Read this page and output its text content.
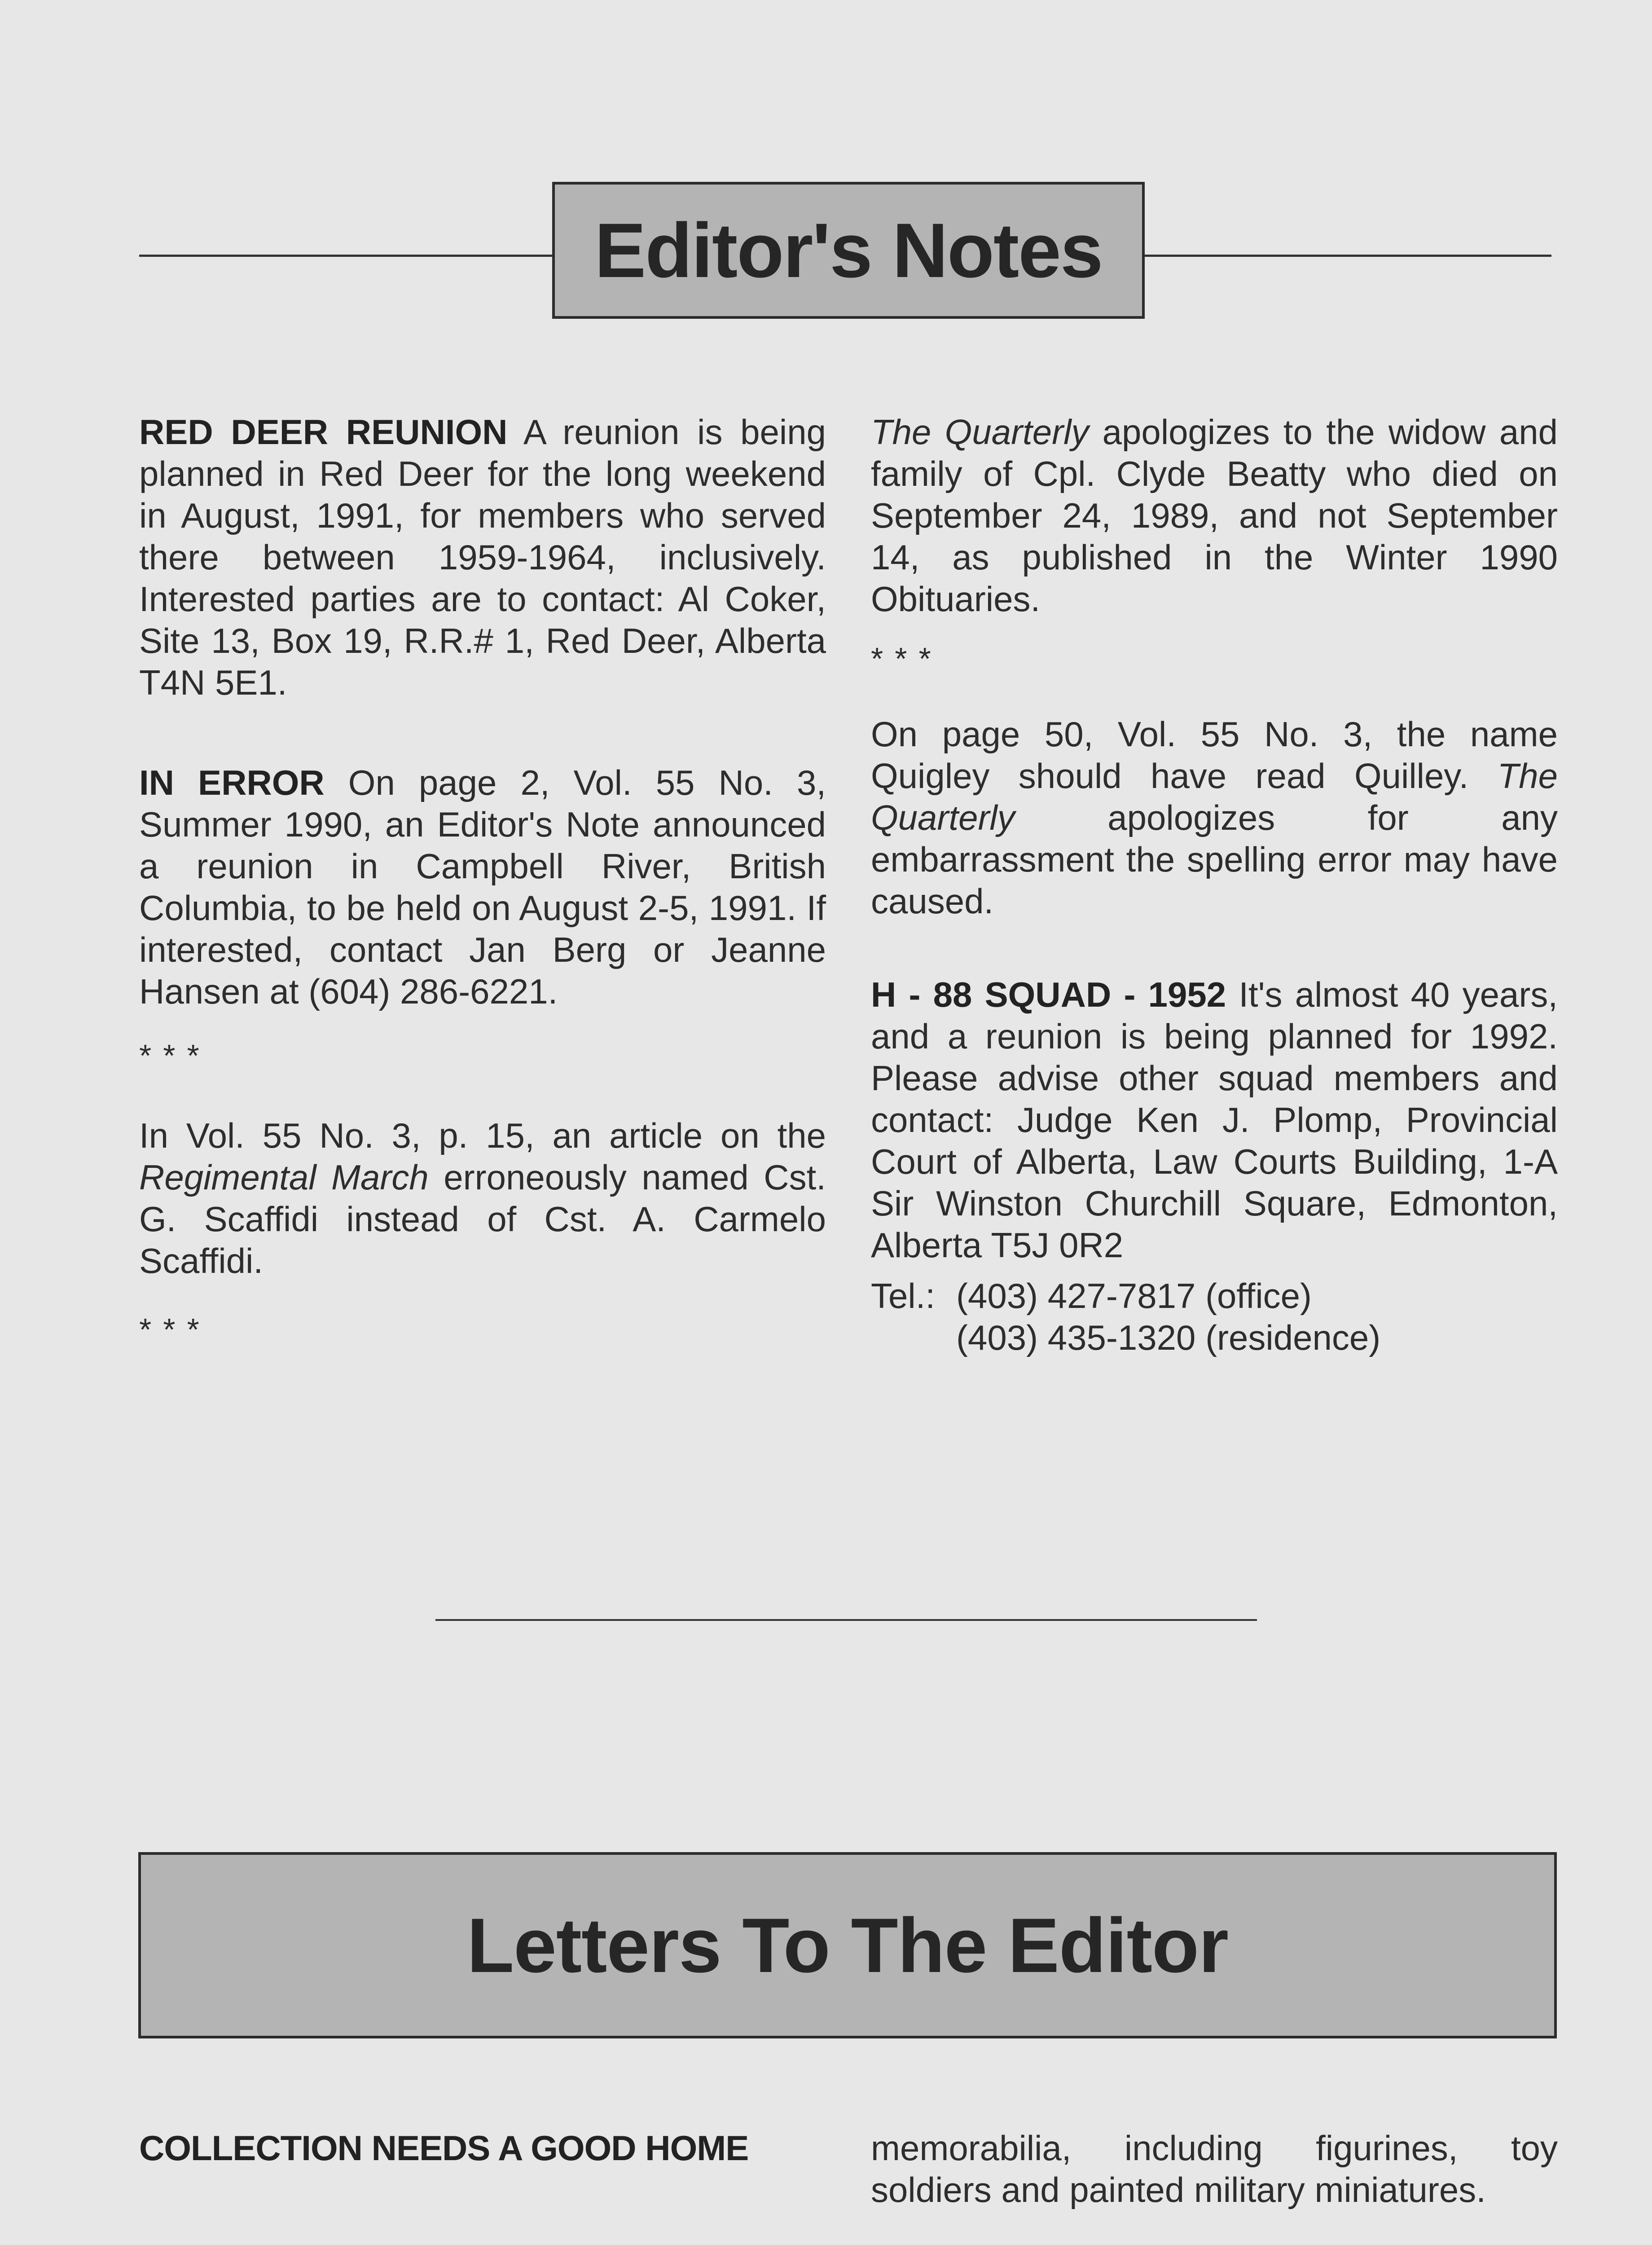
Editor's Notes

RED DEER REUNION A reunion is being planned in Red Deer for the long weekend in August, 1991, for members who served there between 1959-1964, inclusively. Interested parties are to contact: Al Coker, Site 13, Box 19, R.R.# 1, Red Deer, Alberta T4N 5E1.

IN ERROR On page 2, Vol. 55 No. 3, Summer 1990, an Editor's Note announced a reunion in Campbell River, British Columbia, to be held on August 2-5, 1991. If interested, contact Jan Berg or Jeanne Hansen at (604) 286-6221.

***

In Vol. 55 No. 3, p. 15, an article on the Regimental March erroneously named Cst. G. Scaffidi instead of Cst. A. Carmelo Scaffidi.

***

The Quarterly apologizes to the widow and family of Cpl. Clyde Beatty who died on September 24, 1989, and not September 14, as published in the Winter 1990 Obituaries.

***

On page 50, Vol. 55 No. 3, the name Quigley should have read Quilley. The Quarterly apologizes for any embarrassment the spelling error may have caused.

H - 88 SQUAD - 1952 It's almost 40 years, and a reunion is being planned for 1992. Please advise other squad members and contact: Judge Ken J. Plomp, Provincial Court of Alberta, Law Courts Building, 1-A Sir Winston Churchill Square, Edmonton, Alberta T5J 0R2

Tel.: (403) 427-7817 (office)
(403) 435-1320 (residence)
Letters To The Editor

COLLECTION NEEDS A GOOD HOME	memorabilia, including figurines, toy soldiers and painted military miniatures.
